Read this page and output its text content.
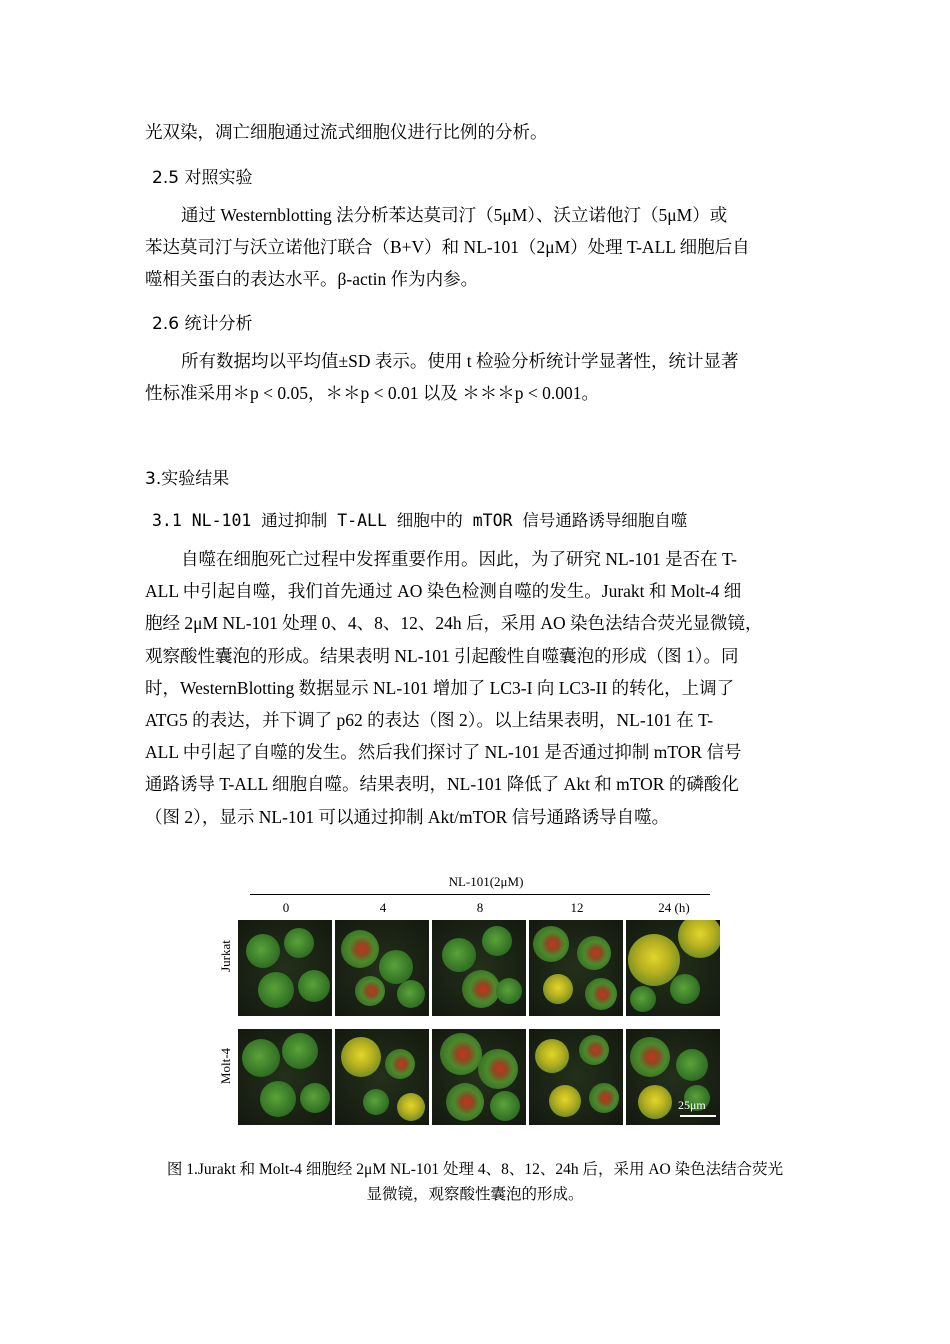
光双染，凋亡细胞通过流式细胞仪进行比例的分析。
2.5 对照实验
通过 Westernblotting 法分析苯达莫司汀（5μM）、沃立诺他汀（5μM）或
苯达莫司汀与沃立诺他汀联合（B+V）和 NL-101（2μM）处理 T-ALL 细胞后自
噬相关蛋白的表达水平。β-actin 作为内参。
2.6 统计分析
所有数据均以平均值±SD 表示。使用 t 检验分析统计学显著性，统计显著
性标准采用＊p < 0.05，＊＊p < 0.01 以及 ＊＊＊p < 0.001。
3.实验结果
3.1 NL-101 通过抑制 T-ALL 细胞中的 mTOR 信号通路诱导细胞自噬
自噬在细胞死亡过程中发挥重要作用。因此，为了研究 NL-101 是否在 T-
ALL 中引起自噬，我们首先通过 AO 染色检测自噬的发生。Jurakt 和 Molt-4 细
胞经 2μM NL-101 处理 0、4、8、12、24h 后，采用 AO 染色法结合荧光显微镜，
观察酸性囊泡的形成。结果表明 NL-101 引起酸性自噬囊泡的形成（图 1）。同
时，WesternBlotting 数据显示 NL-101 增加了 LC3-I 向 LC3-II 的转化，上调了
ATG5 的表达，并下调了 p62 的表达（图 2）。以上结果表明，NL-101 在 T-
ALL 中引起了自噬的发生。然后我们探讨了 NL-101 是否通过抑制 mTOR 信号
通路诱导 T-ALL 细胞自噬。结果表明，NL-101 降低了 Akt 和 mTOR 的磷酸化
（图 2），显示 NL-101 可以通过抑制 Akt/mTOR 信号通路诱导自噬。
NL-101(2μM)
0	4	8	12	24 (h)
Jurkat
Molt-4
25μm
图 1.Jurakt 和 Molt-4 细胞经 2μM NL-101 处理 4、8、12、24h 后，采用 AO 染色法结合荧光
显微镜，观察酸性囊泡的形成。
